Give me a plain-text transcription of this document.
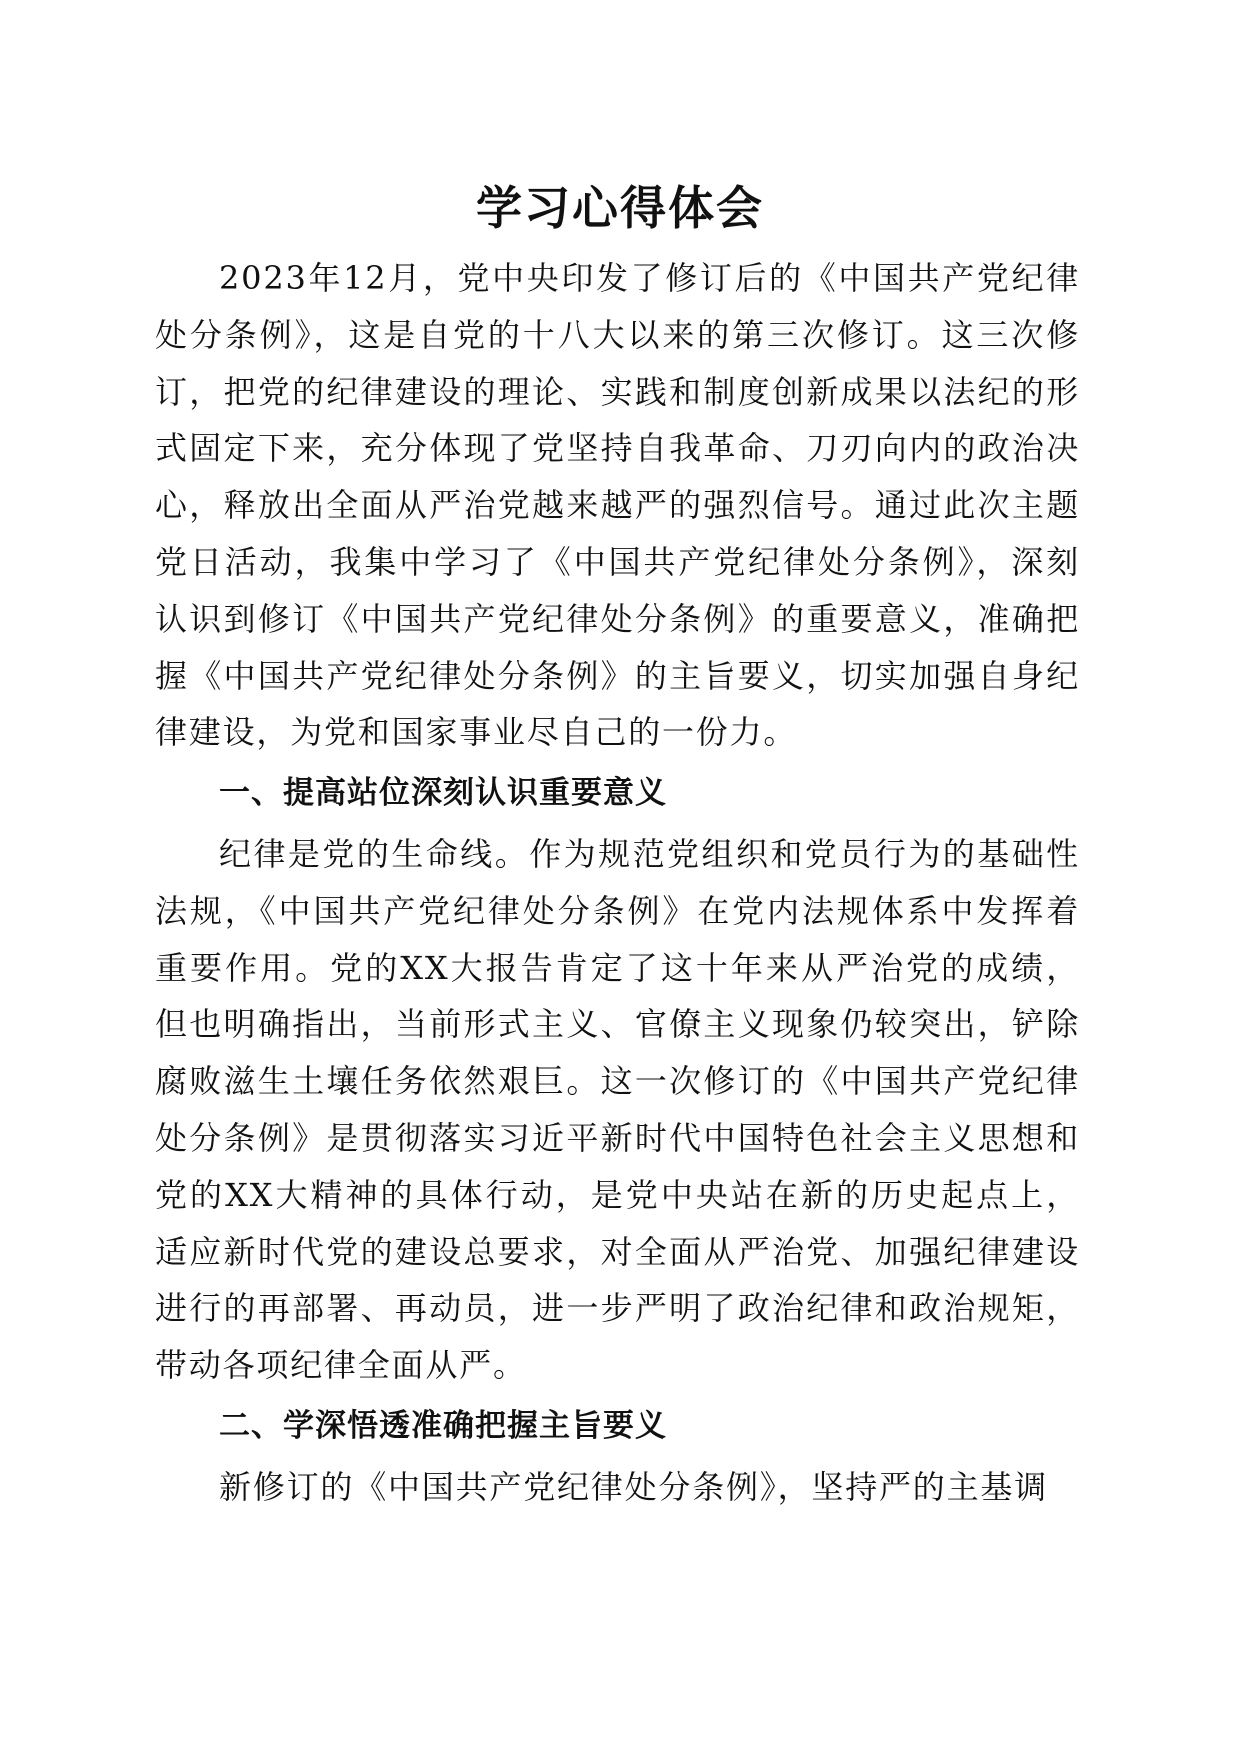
学习心得体会

2023年12月，党中央印发了修订后的《中国共产党纪律处分条例》，这是自党的十八大以来的第三次修订。这三次修订，把党的纪律建设的理论、实践和制度创新成果以法纪的形式固定下来，充分体现了党坚持自我革命、刀刃向内的政治决心，释放出全面从严治党越来越严的强烈信号。通过此次主题党日活动，我集中学习了《中国共产党纪律处分条例》，深刻认识到修订《中国共产党纪律处分条例》的重要意义，准确把握《中国共产党纪律处分条例》的主旨要义，切实加强自身纪律建设，为党和国家事业尽自己的一份力。

一、提高站位深刻认识重要意义

纪律是党的生命线。作为规范党组织和党员行为的基础性法规，《中国共产党纪律处分条例》在党内法规体系中发挥着重要作用。党的XX大报告肯定了这十年来从严治党的成绩，但也明确指出，当前形式主义、官僚主义现象仍较突出，铲除腐败滋生土壤任务依然艰巨。这一次修订的《中国共产党纪律处分条例》是贯彻落实习近平新时代中国特色社会主义思想和党的XX大精神的具体行动，是党中央站在新的历史起点上，适应新时代党的建设总要求，对全面从严治党、加强纪律建设进行的再部署、再动员，进一步严明了政治纪律和政治规矩，带动各项纪律全面从严。

二、学深悟透准确把握主旨要义

新修订的《中国共产党纪律处分条例》，坚持严的主基调
